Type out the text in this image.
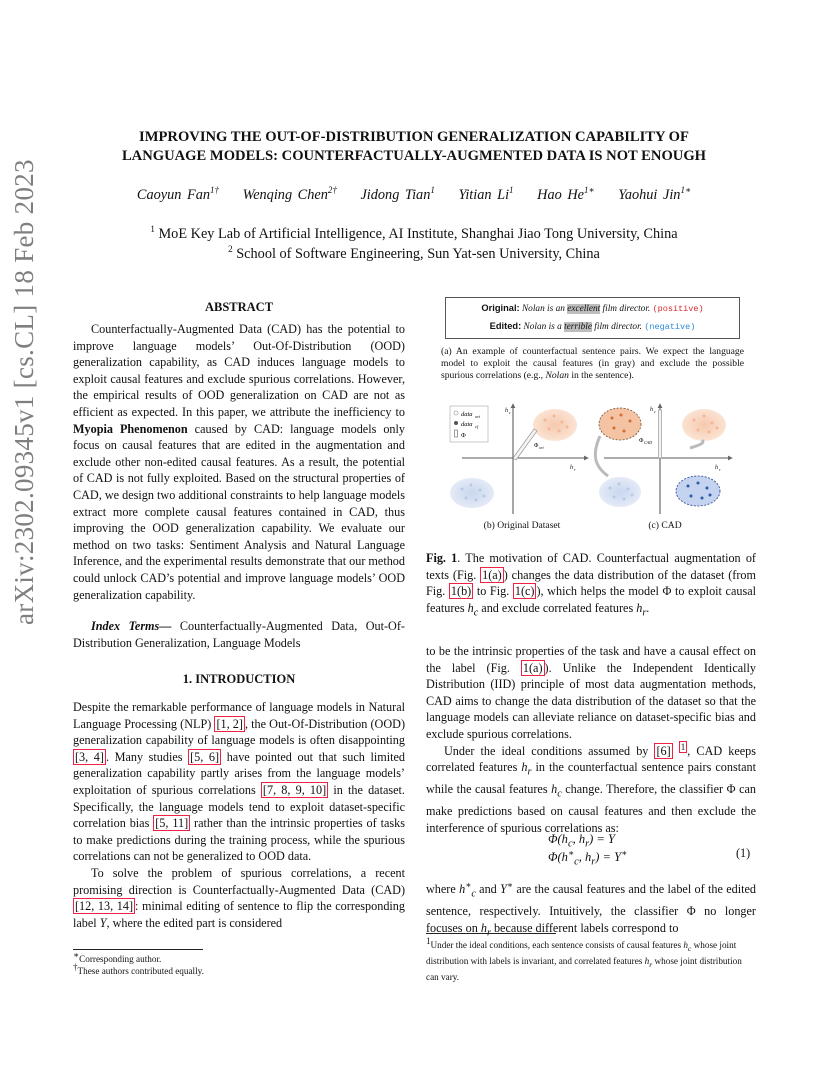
arXiv:2302.09345v1 [cs.CL] 18 Feb 2023
IMPROVING THE OUT-OF-DISTRIBUTION GENERALIZATION CAPABILITY OF
LANGUAGE MODELS: COUNTERFACTUALLY-AUGMENTED DATA IS NOT ENOUGH
Caoyun Fan$^{1\dagger}$ Wenqing Chen$^{2\dagger}$ Jidong Tian$^1$ Yitian Li$^1$ Hao $He^{1∗}$ Yaohui Jin$^{1∗}$
$^1$ MoE Key Lab of Artificial Intelligence, AI Institute, Shanghai Jiao Tong University, China
$^2$ School of Software Engineering, Sun Yat-sen University, China
ABSTRACT

Counterfactually-Augmented Data (CAD) has the potential to improve language models’ Out-Of-Distribution (OOD) generalization capability, as CAD induces language models to exploit causal features and exclude spurious correlations. However, the empirical results of OOD generalization on CAD are not as efficient as expected. In this paper, we attribute the inefficiency to Myopia Phenomenon caused by CAD: language models only focus on causal features that are edited in the augmentation and exclude other non-edited causal features. As a result, the potential of CAD is not fully exploited. Based on the structural properties of CAD, we design two additional constraints to help language models extract more complete causal features contained in CAD, thus improving the OOD generalization capability. We evaluate our method on two tasks: Sentiment Analysis and Natural Language Inference, and the experimental results demonstrate that our method could unlock CAD’s potential and improve language models’ OOD generalization capability.

Index Terms— Counterfactually-Augmented Data, Out-Of-Distribution Generalization, Language Models

1. INTRODUCTION

Despite the remarkable performance of language models in Natural Language Processing (NLP) [1, 2] , the Out-Of-Distribution (OOD) generalization capability of language models is often disappointing [3, 4] . Many studies [5, 6] have pointed out that such limited generalization capability partly arises from the language models’ exploitation of spurious correlations [7, 8, 9, 10] in the dataset. Specifically, the language models tend to exploit dataset-specific correlation bias [5, 11] rather than the intrinsic properties of tasks to make predictions during the training process, while the spurious correlations can not be generalized to OOD data.

To solve the problem of spurious correlations, a recent promising direction is Counterfactually-Augmented Data (CAD) [12, 13, 14] : minimal editing of sentence to flip the corresponding label Y, where the edited part is considered

∗Corresponding author.
†These authors contributed equally.
Original: Nolan is an excellent film director. (positive)
Edited: Nolan is a terrible film director. (negative)
(a) An example of counterfactual sentence pairs. We expect the language model to exploit the causal features (in gray) and exclude the possible spurious correlations (e.g., Nolan in the sentence).
data ori
data cf
Φ
h c
h r
Φ ori
h c
h r
Φ CAD
(b) Original Dataset	(c) CAD

Fig. 1. The motivation of CAD. Counterfactual augmentation of texts (Fig. 1(a) ) changes the data distribution of the dataset (from Fig. 1(b) to Fig. 1(c) ), which helps the model Φ to exploit causal features $h_c$ and exclude correlated features $h_r$.

to be the intrinsic properties of the task and have a causal effect on the label (Fig. 1(a) ). Unlike the Independent Identically Distribution (IID) principle of most data augmentation methods, CAD aims to change the data distribution of the dataset so that the language models can alleviate reliance on dataset-specific bias and exclude spurious correlations.

Under the ideal conditions assumed by [6] $^1$ , CAD keeps correlated features $h_r$ in the counterfactual sentence pairs constant while the causal features $h_c$ change. Therefore, the classifier Φ can make predictions based on causal features and then exclude the interference of spurious correlations as:

$\Phi(h_c$, $h_r) = Y$
$\Phi(h^∗_c$, $h_r) = Y^∗$	(1)

where $h^∗_c$ and Y∗ are the causal features and the label of the edited sentence, respectively. Intuitively, the classifier Φ no longer focuses on $h_r$ because different labels correspond to

$^1$Under the ideal conditions, each sentence consists of causal features $h_c$ whose joint distribution with labels is invariant, and correlated features $h_r$ whose joint distribution can vary.
